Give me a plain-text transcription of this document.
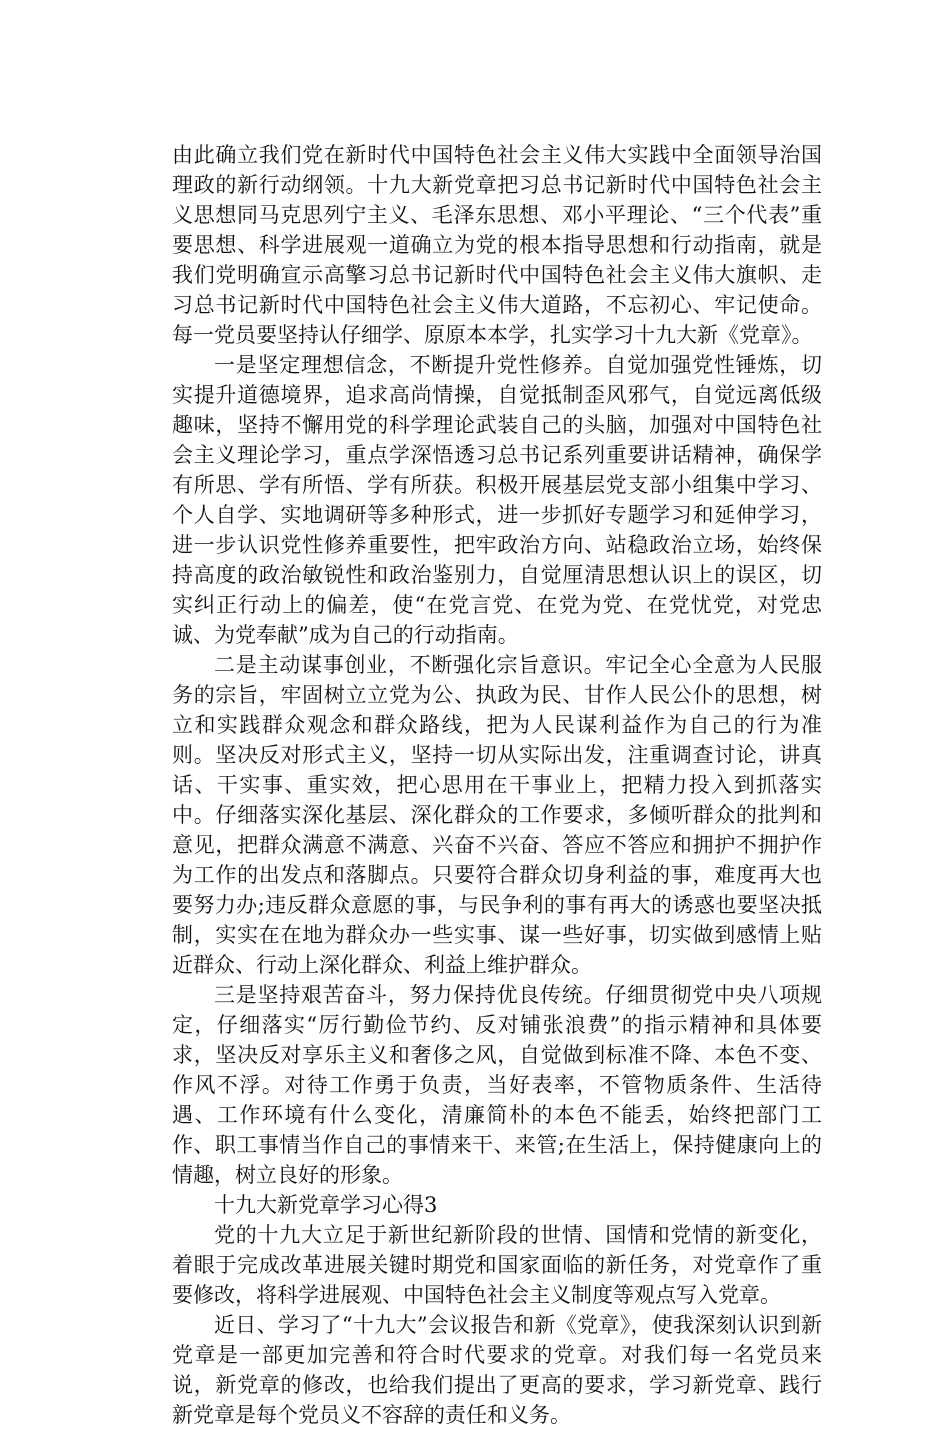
由此确立我们党在新时代中国特色社会主义伟大实践中全面领导治国理政的新行动纲领。十九大新党章把习总书记新时代中国特色社会主义思想同马克思列宁主义、毛泽东思想、邓小平理论、“三个代表”重要思想、科学进展观一道确立为党的根本指导思想和行动指南，就是我们党明确宣示高擎习总书记新时代中国特色社会主义伟大旗帜、走习总书记新时代中国特色社会主义伟大道路，不忘初心、牢记使命。每一党员要坚持认仔细学、原原本本学，扎实学习十九大新《党章》。

一是坚定理想信念，不断提升党性修养。自觉加强党性锤炼，切实提升道德境界，追求高尚情操，自觉抵制歪风邪气，自觉远离低级趣味，坚持不懈用党的科学理论武装自己的头脑，加强对中国特色社会主义理论学习，重点学深悟透习总书记系列重要讲话精神，确保学有所思、学有所悟、学有所获。积极开展基层党支部小组集中学习、个人自学、实地调研等多种形式，进一步抓好专题学习和延伸学习，进一步认识党性修养重要性，把牢政治方向、站稳政治立场，始终保持高度的政治敏锐性和政治鉴别力，自觉厘清思想认识上的误区，切实纠正行动上的偏差，使“在党言党、在党为党、在党忧党，对党忠诚、为党奉献”成为自己的行动指南。

二是主动谋事创业，不断强化宗旨意识。牢记全心全意为人民服务的宗旨，牢固树立立党为公、执政为民、甘作人民公仆的思想，树立和实践群众观念和群众路线，把为人民谋利益作为自己的行为准则。坚决反对形式主义，坚持一切从实际出发，注重调查讨论，讲真话、干实事、重实效，把心思用在干事业上，把精力投入到抓落实中。仔细落实深化基层、深化群众的工作要求，多倾听群众的批判和意见，把群众满意不满意、兴奋不兴奋、答应不答应和拥护不拥护作为工作的出发点和落脚点。只要符合群众切身利益的事，难度再大也要努力办;违反群众意愿的事，与民争利的事有再大的诱惑也要坚决抵制，实实在在地为群众办一些实事、谋一些好事，切实做到感情上贴近群众、行动上深化群众、利益上维护群众。

三是坚持艰苦奋斗，努力保持优良传统。仔细贯彻党中央八项规定，仔细落实“厉行勤俭节约、反对铺张浪费”的指示精神和具体要求，坚决反对享乐主义和奢侈之风，自觉做到标准不降、本色不变、作风不浮。对待工作勇于负责，当好表率，不管物质条件、生活待遇、工作环境有什么变化，清廉简朴的本色不能丢，始终把部门工作、职工事情当作自己的事情来干、来管;在生活上，保持健康向上的情趣，树立良好的形象。

十九大新党章学习心得3

党的十九大立足于新世纪新阶段的世情、国情和党情的新变化，着眼于完成改革进展关键时期党和国家面临的新任务，对党章作了重要修改，将科学进展观、中国特色社会主义制度等观点写入党章。

近日、学习了“十九大”会议报告和新《党章》，使我深刻认识到新党章是一部更加完善和符合时代要求的党章。对我们每一名党员来说，新党章的修改，也给我们提出了更高的要求，学习新党章、践行新党章是每个党员义不容辞的责任和义务。
